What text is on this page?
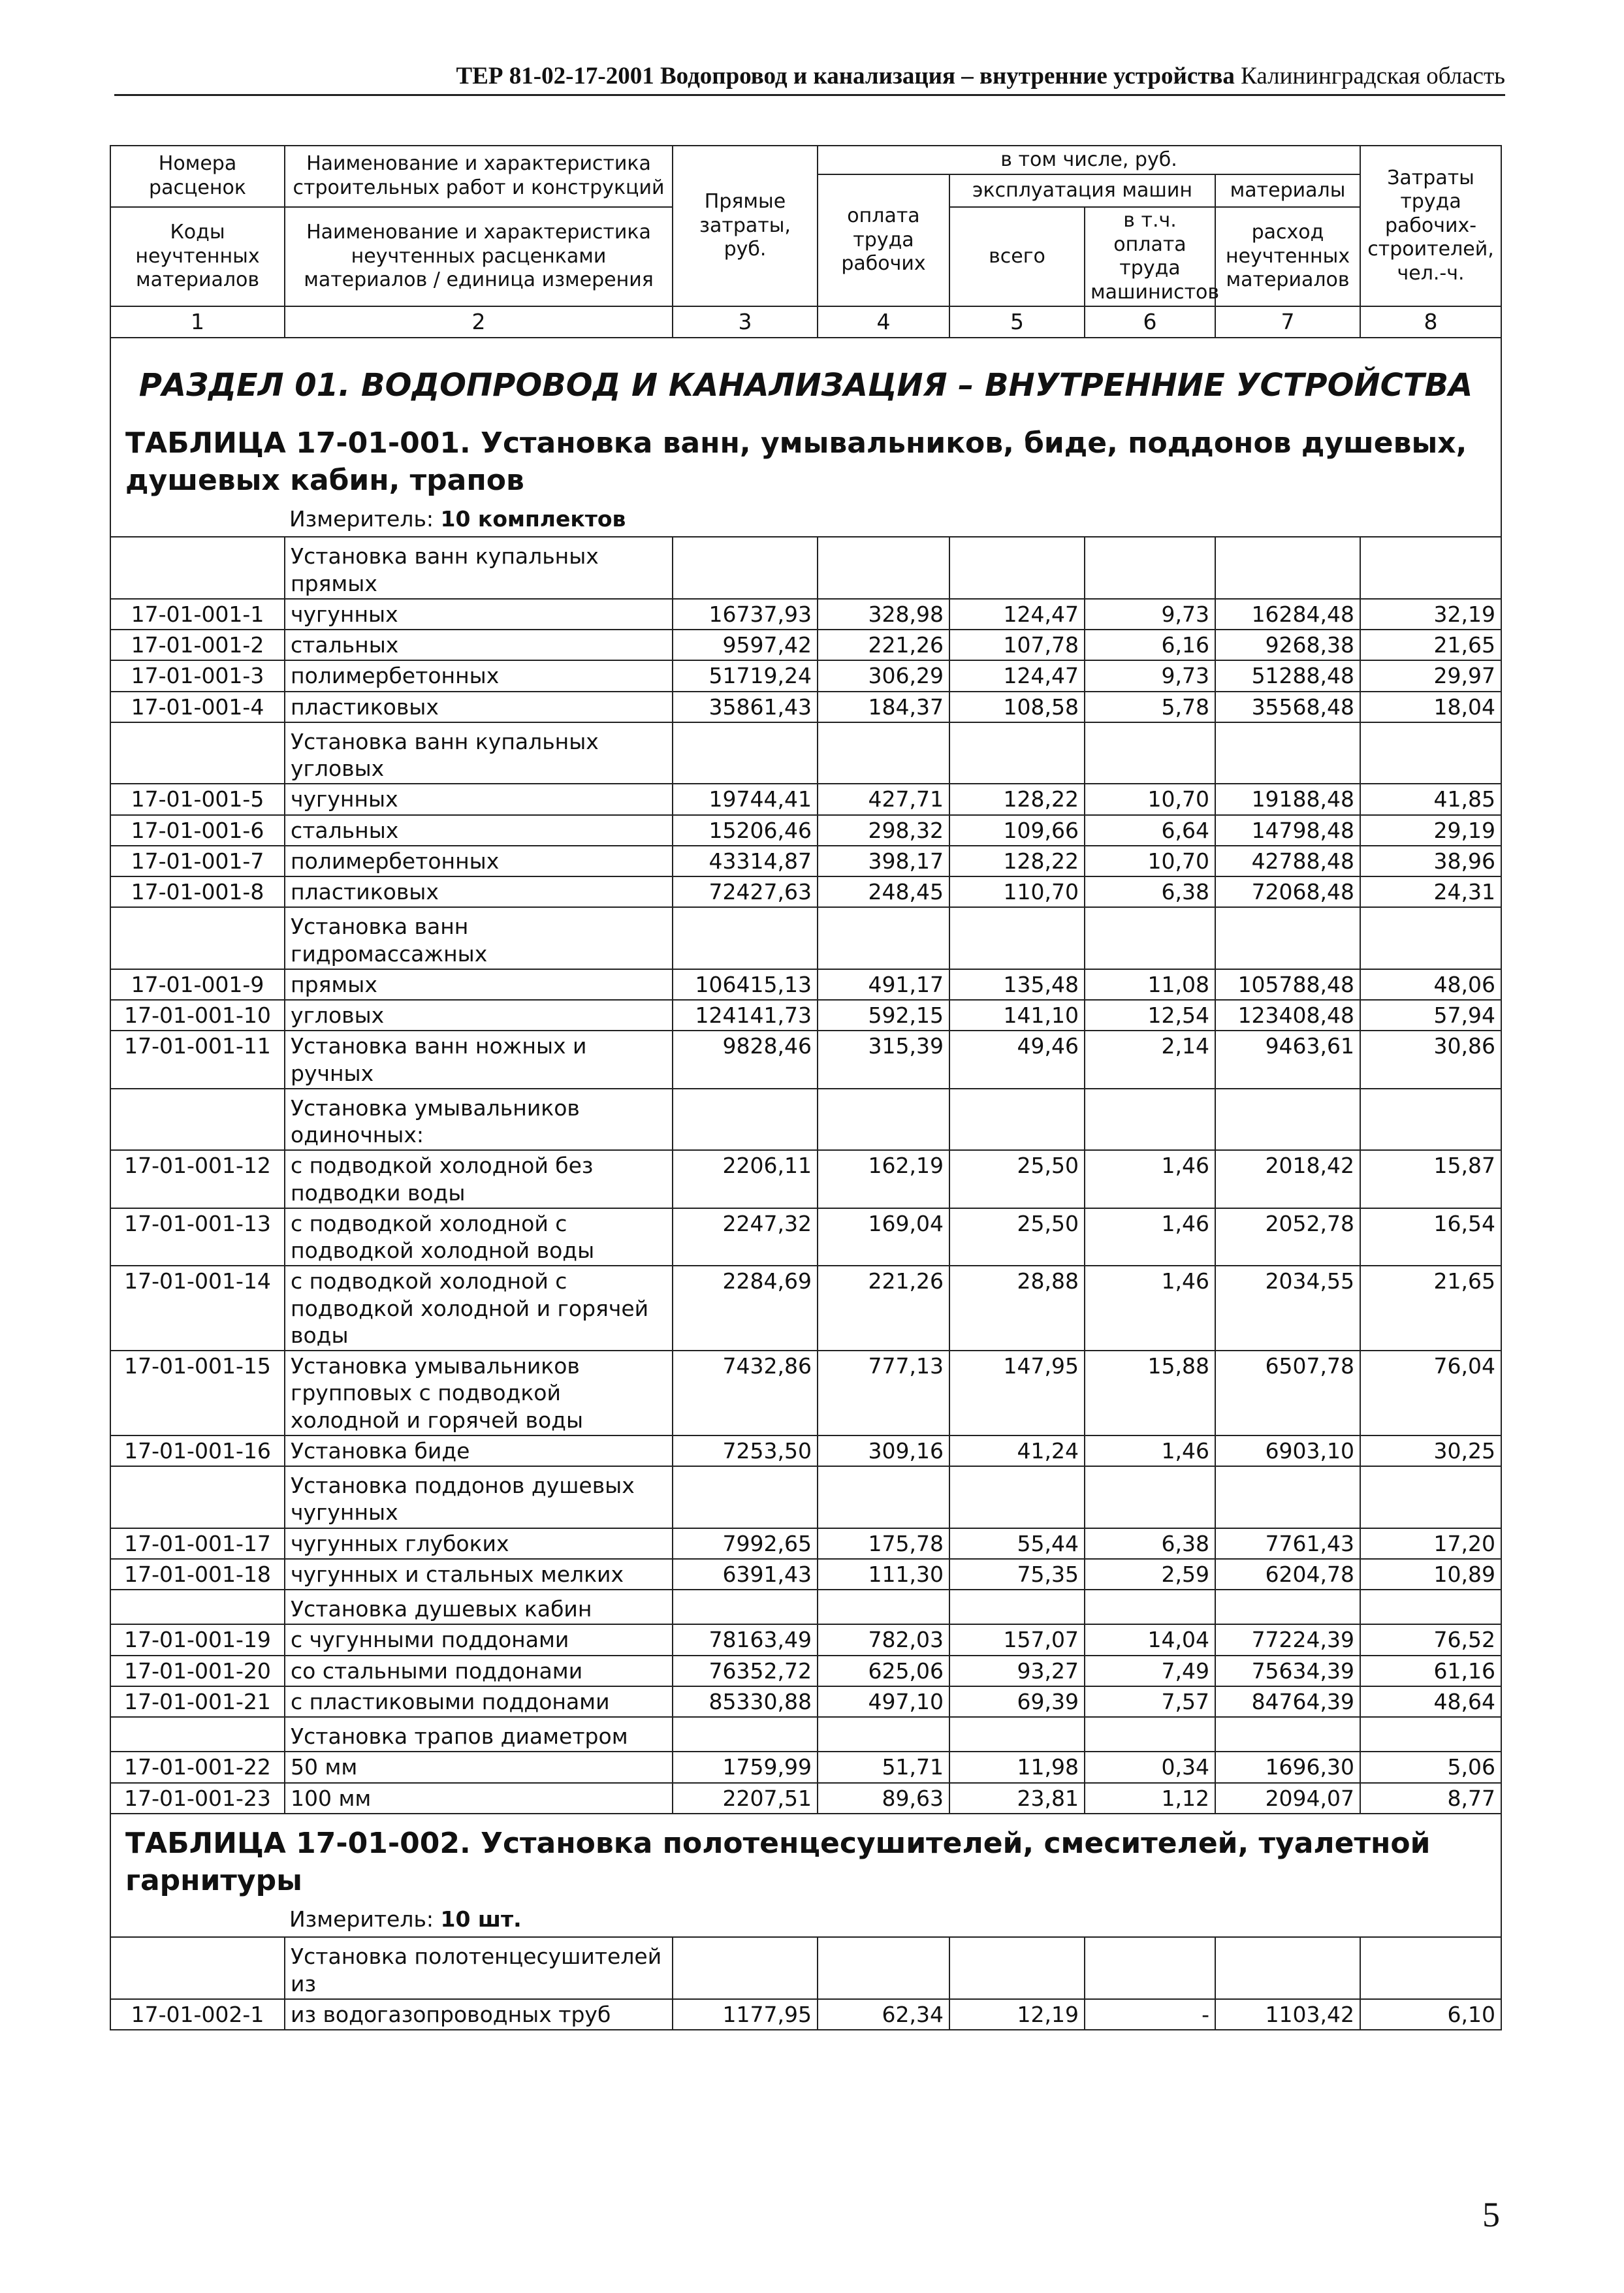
ТЕР 81-02-17-2001 Водопровод и канализация – внутренние устройства Калининградская область
Номера расценок	Наименование и характеристика строительных работ и конструкций	Прямые затраты, руб.	в том числе, руб.				Затраты труда рабочих-строителей, чел.-ч.
			оплата труда рабочих	эксплуатация машин		материалы	
Коды неучтенных материалов	Наименование и характеристика неучтенных расценками материалов / единица измерения			всего	в т.ч. оплата труда машинистов	расход неучтенных материалов	

1	2	3	4	5	6	7	8

РАЗДЕЛ 01. ВОДОПРОВОД И КАНАЛИЗАЦИЯ – ВНУТРЕННИЕ УСТРОЙСТВА
ТАБЛИЦА 17-01-001. Установка ванн, умывальников, биде, поддонов душевых, душевых кабин, трапов
Измеритель: 10 комплектов							

	Установка ванн купальных прямых						
17-01-001-1	чугунных	16737,93	328,98	124,47	9,73	16284,48	32,19
17-01-001-2	стальных	9597,42	221,26	107,78	6,16	9268,38	21,65
17-01-001-3	полимербетонных	51719,24	306,29	124,47	9,73	51288,48	29,97
17-01-001-4	пластиковых	35861,43	184,37	108,58	5,78	35568,48	18,04
	Установка ванн купальных угловых						
17-01-001-5	чугунных	19744,41	427,71	128,22	10,70	19188,48	41,85
17-01-001-6	стальных	15206,46	298,32	109,66	6,64	14798,48	29,19
17-01-001-7	полимербетонных	43314,87	398,17	128,22	10,70	42788,48	38,96
17-01-001-8	пластиковых	72427,63	248,45	110,70	6,38	72068,48	24,31
	Установка ванн гидромассажных						
17-01-001-9	прямых	106415,13	491,17	135,48	11,08	105788,48	48,06
17-01-001-10	угловых	124141,73	592,15	141,10	12,54	123408,48	57,94
17-01-001-11	Установка ванн ножных и ручных	9828,46	315,39	49,46	2,14	9463,61	30,86
	Установка умывальников одиночных:						
17-01-001-12	с подводкой холодной без подводки воды	2206,11	162,19	25,50	1,46	2018,42	15,87
17-01-001-13	с подводкой холодной с подводкой холодной воды	2247,32	169,04	25,50	1,46	2052,78	16,54
17-01-001-14	с подводкой холодной с подводкой холодной и горячей воды	2284,69	221,26	28,88	1,46	2034,55	21,65
17-01-001-15	Установка умывальников групповых с подводкой холодной и горячей воды	7432,86	777,13	147,95	15,88	6507,78	76,04
17-01-001-16	Установка биде	7253,50	309,16	41,24	1,46	6903,10	30,25
	Установка поддонов душевых чугунных						
17-01-001-17	чугунных глубоких	7992,65	175,78	55,44	6,38	7761,43	17,20
17-01-001-18	чугунных и стальных мелких	6391,43	111,30	75,35	2,59	6204,78	10,89
	Установка душевых кабин						
17-01-001-19	с чугунными поддонами	78163,49	782,03	157,07	14,04	77224,39	76,52
17-01-001-20	со стальными поддонами	76352,72	625,06	93,27	7,49	75634,39	61,16
17-01-001-21	с пластиковыми поддонами	85330,88	497,10	69,39	7,57	84764,39	48,64
	Установка трапов диаметром						
17-01-001-22	50 мм	1759,99	51,71	11,98	0,34	1696,30	5,06
17-01-001-23	100 мм	2207,51	89,63	23,81	1,12	2094,07	8,77

ТАБЛИЦА 17-01-002. Установка полотенцесушителей, смесителей, туалетной гарнитуры
Измеритель: 10 шт.							

	Установка полотенцесушителей из						
17-01-002-1	из водогазопроводных труб	1177,95	62,34	12,19	-	1103,42	6,10
5
